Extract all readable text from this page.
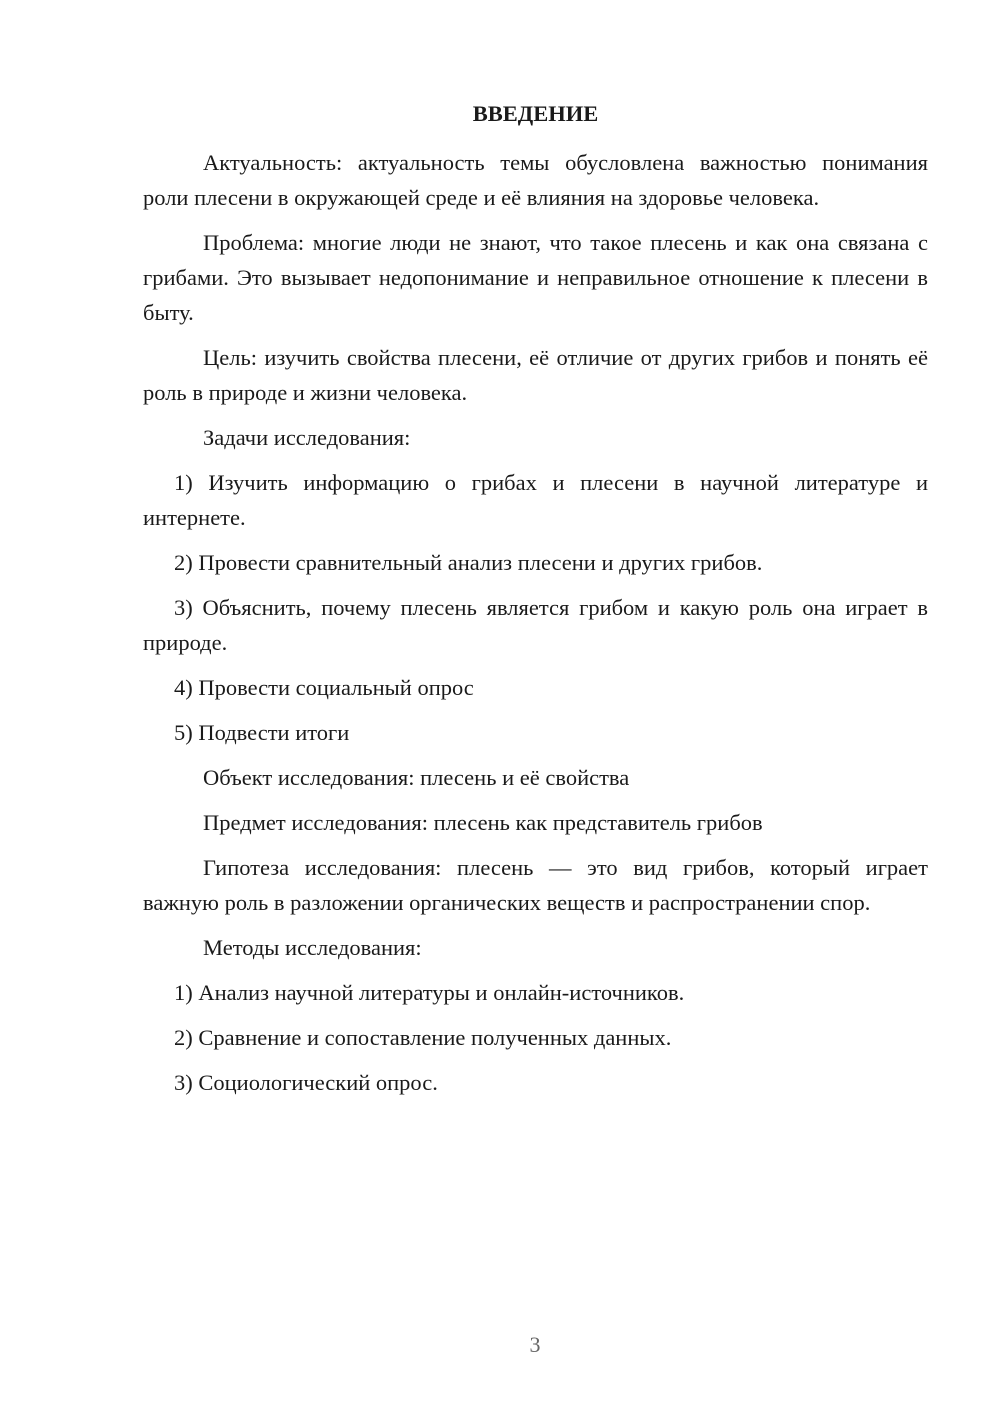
ВВЕДЕНИЕ

Актуальность: актуальность темы обусловлена важностью понимания роли плесени в окружающей среде и её влияния на здоровье человека.

Проблема: многие люди не знают, что такое плесень и как она связана с грибами. Это вызывает недопонимание и неправильное отношение к плесени в быту.

Цель: изучить свойства плесени, её отличие от других грибов и понять её роль в природе и жизни человека.

Задачи исследования:

1) Изучить информацию о грибах и плесени в научной литературе и интернете.

2) Провести сравнительный анализ плесени и других грибов.

3) Объяснить, почему плесень является грибом и какую роль она играет в природе.

4) Провести социальный опрос

5) Подвести итоги

Объект исследования: плесень и её свойства

Предмет исследования: плесень как представитель грибов

Гипотеза исследования: плесень — это вид грибов, который играет важную роль в разложении органических веществ и распространении спор.

Методы исследования:

1) Анализ научной литературы и онлайн-источников.

2) Сравнение и сопоставление полученных данных.

3) Социологический опрос.

3
